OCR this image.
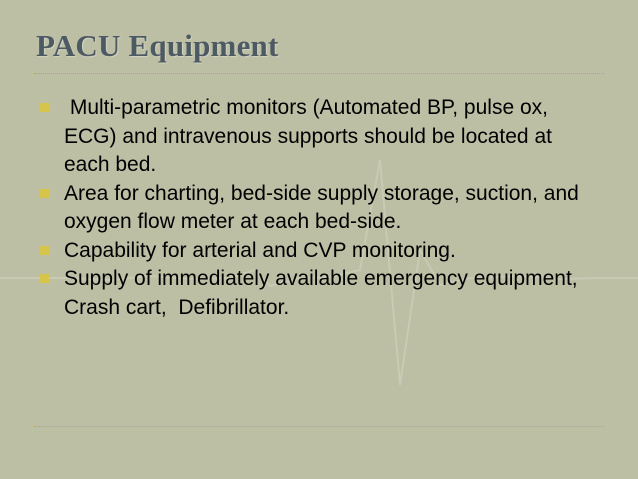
PACU Equipment
Multi-parametric monitors (Automated BP, pulse ox, ECG) and intravenous supports should be located at each bed.
Area for charting, bed-side supply storage, suction, and oxygen flow meter at each bed-side.
Capability for arterial and CVP monitoring.
Supply of immediately available emergency equipment,  Crash cart,  Defibrillator.
